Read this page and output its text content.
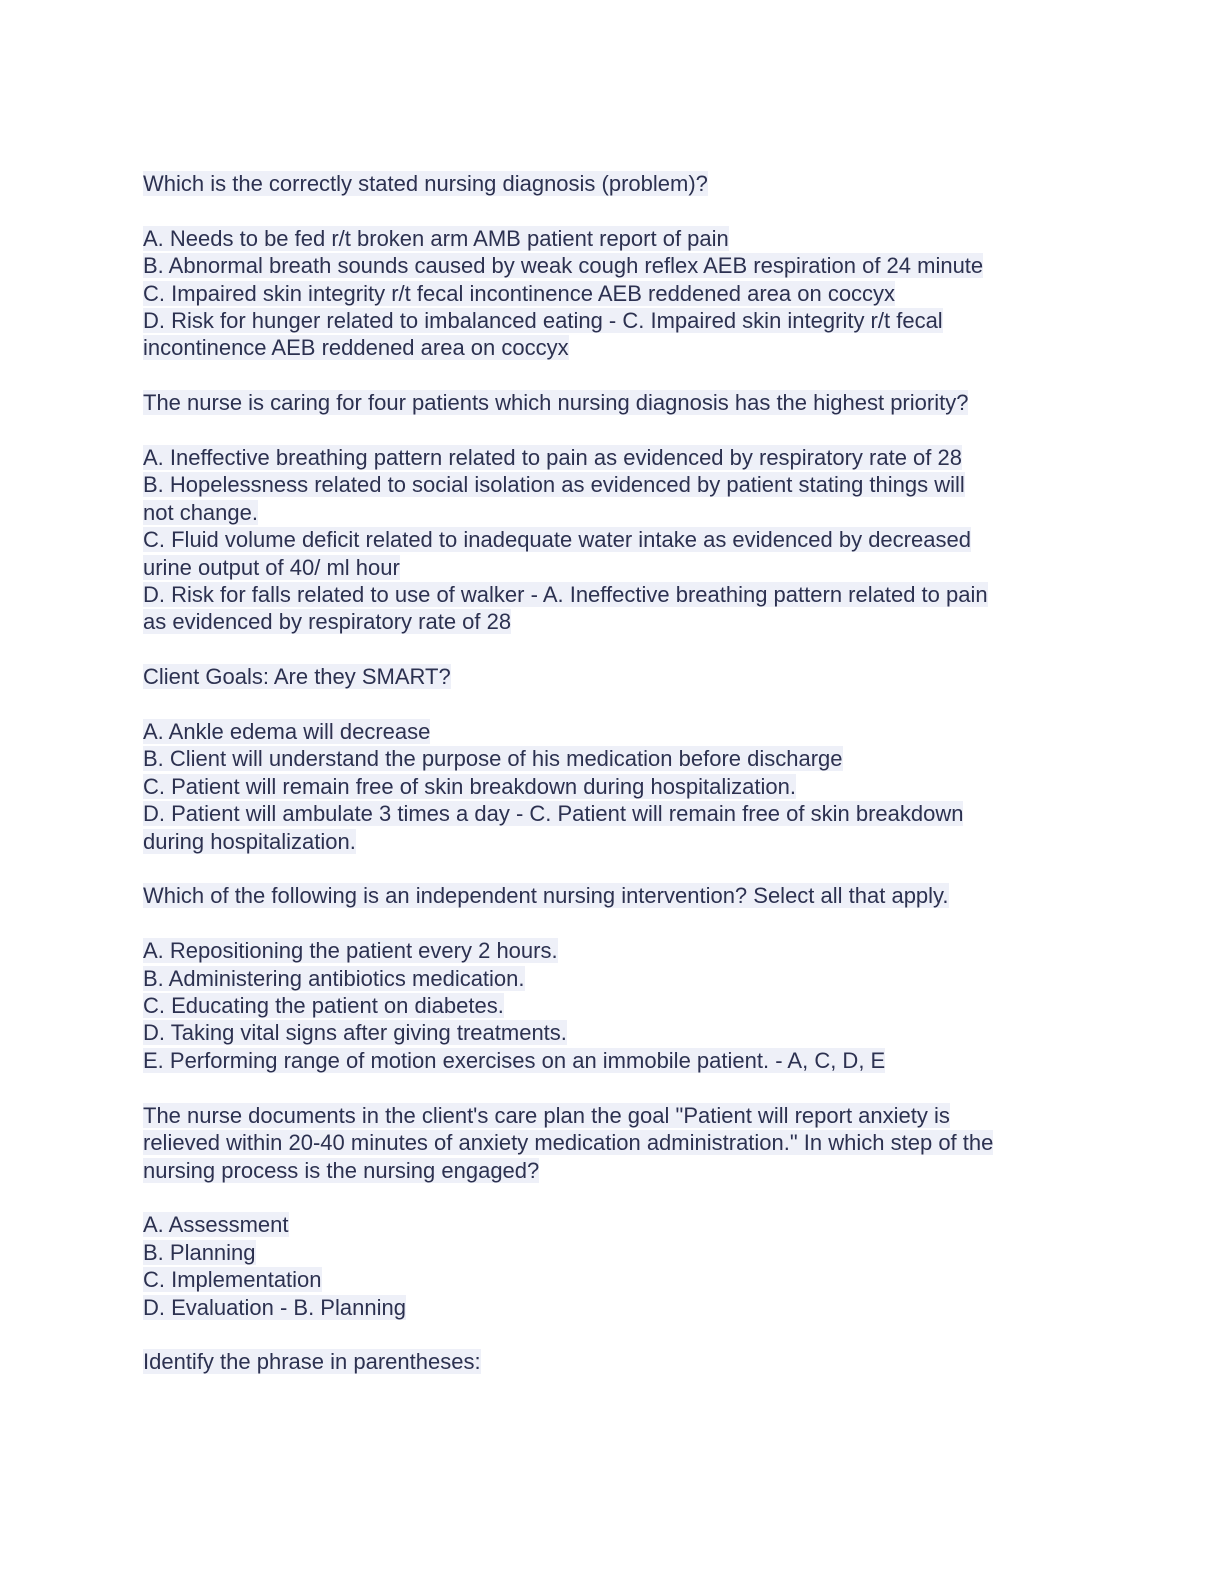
Which is the correctly stated nursing diagnosis (problem)?
A. Needs to be fed r/t broken arm AMB patient report of pain
B. Abnormal breath sounds caused by weak cough reflex AEB respiration of 24 minute
C. Impaired skin integrity r/t fecal incontinence AEB reddened area on coccyx
D. Risk for hunger related to imbalanced eating - C. Impaired skin integrity r/t fecal
incontinence AEB reddened area on coccyx
The nurse is caring for four patients which nursing diagnosis has the highest priority?
A. Ineffective breathing pattern related to pain as evidenced by respiratory rate of 28
B. Hopelessness related to social isolation as evidenced by patient stating things will
not change.
C. Fluid volume deficit related to inadequate water intake as evidenced by decreased
urine output of 40/ ml hour
D. Risk for falls related to use of walker - A. Ineffective breathing pattern related to pain
as evidenced by respiratory rate of 28
Client Goals: Are they SMART?
A. Ankle edema will decrease
B. Client will understand the purpose of his medication before discharge
C. Patient will remain free of skin breakdown during hospitalization.
D. Patient will ambulate 3 times a day - C. Patient will remain free of skin breakdown
during hospitalization.
Which of the following is an independent nursing intervention? Select all that apply.
A. Repositioning the patient every 2 hours.
B. Administering antibiotics medication.
C. Educating the patient on diabetes.
D. Taking vital signs after giving treatments.
E. Performing range of motion exercises on an immobile patient. - A, C, D, E
The nurse documents in the client's care plan the goal "Patient will report anxiety is
relieved within 20-40 minutes of anxiety medication administration." In which step of the
nursing process is the nursing engaged?
A. Assessment
B. Planning
C. Implementation
D. Evaluation - B. Planning
Identify the phrase in parentheses:
